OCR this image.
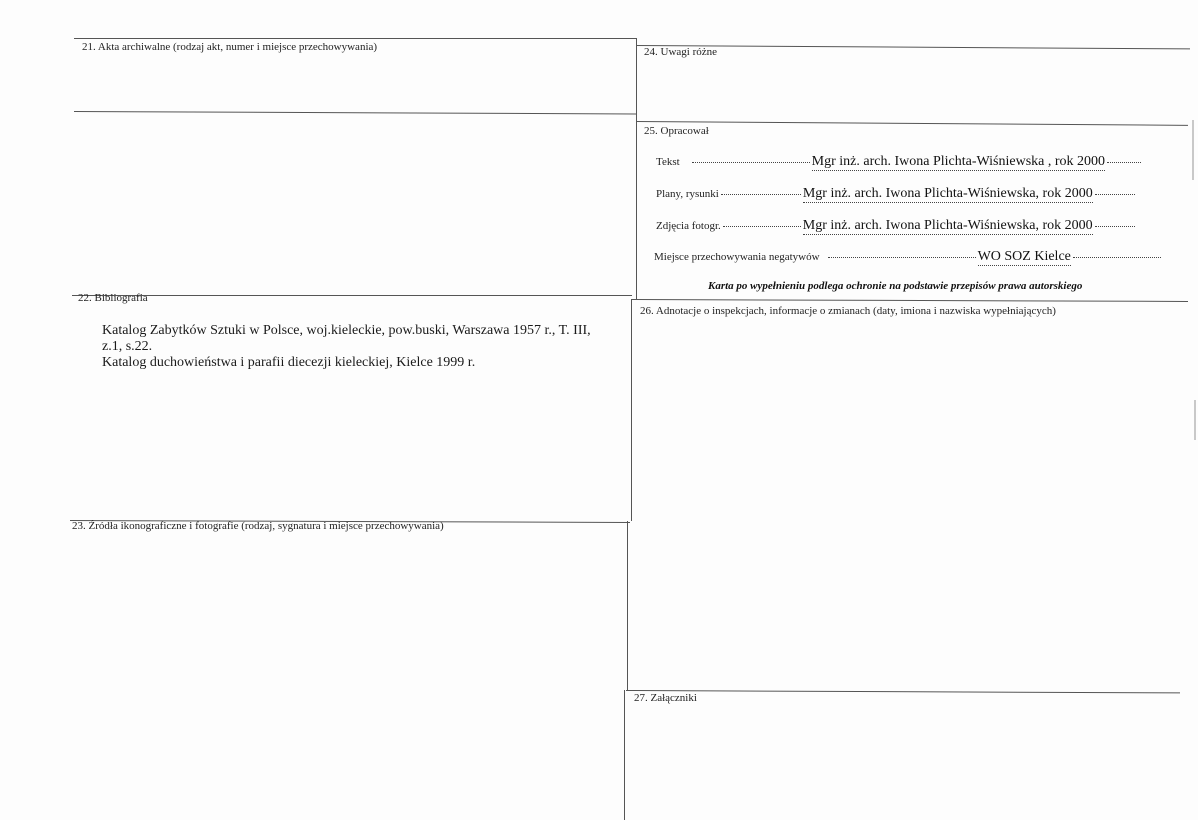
21. Akta archiwalne (rodzaj akt, numer i miejsce przechowywania)	24. Uwagi różne
25. Opracował
Tekst	Mgr inż. arch. Iwona Plichta-Wiśniewska , rok 2000
Plany, rysunki	Mgr inż. arch. Iwona Plichta-Wiśniewska, rok 2000
Zdjęcia fotogr.	Mgr inż. arch. Iwona Plichta-Wiśniewska, rok 2000
Miejsce przechowywania negatywów	WO SOZ Kielce
Karta po wypełnieniu podlega ochronie na podstawie przepisów prawa autorskiego
22. Bibliografia
Katalog Zabytków Sztuki w Polsce, woj.kieleckie, pow.buski, Warszawa 1957 r., T. III,
z.1, s.22.
Katalog duchowieństwa i parafii diecezji kieleckiej, Kielce 1999 r.
26. Adnotacje o inspekcjach, informacje o zmianach (daty, imiona i nazwiska wypełniających)
23. Źródła ikonograficzne i fotografie (rodzaj, sygnatura i miejsce przechowywania)
27. Załączniki
